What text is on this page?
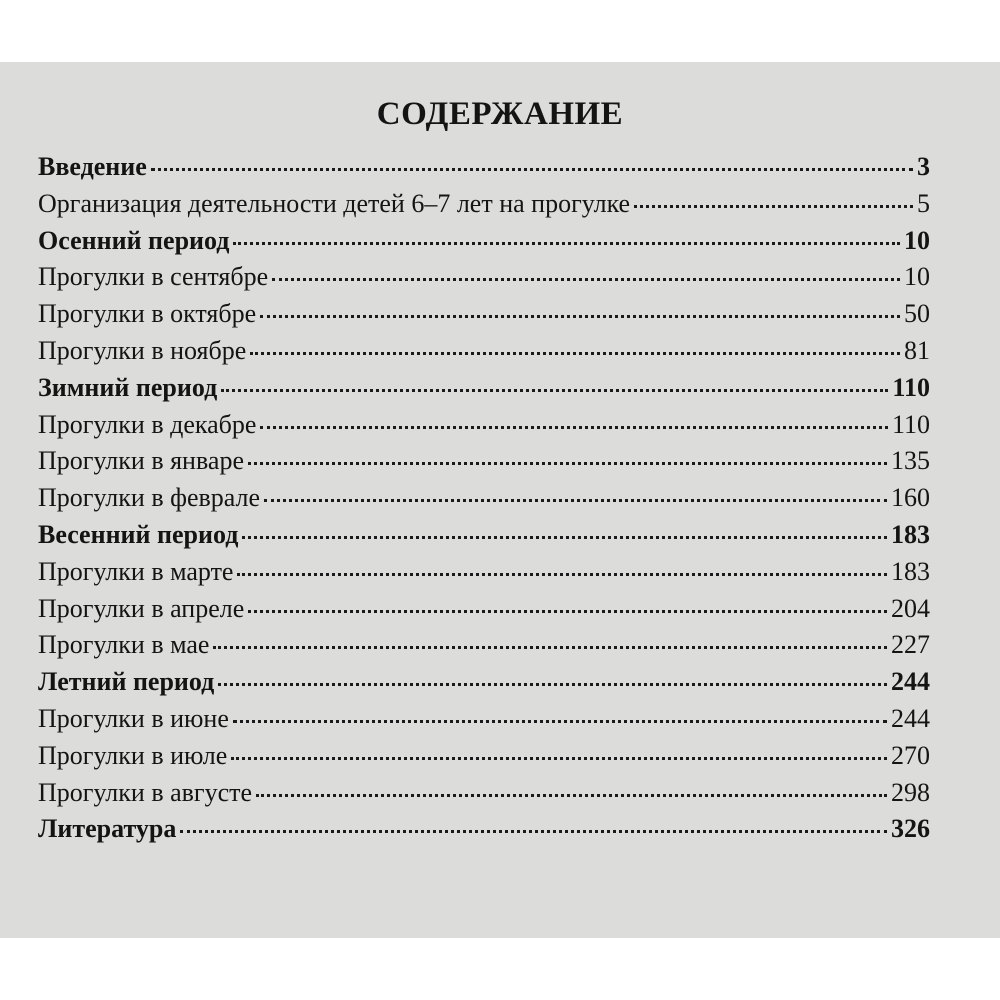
СОДЕРЖАНИЕ
Введение	3
Организация деятельности детей 6–7 лет на прогулке	5
Осенний период	10
Прогулки в сентябре	10
Прогулки в октябре	50
Прогулки в ноябре	81
Зимний период	110
Прогулки в декабре	110
Прогулки в январе	135
Прогулки в феврале	160
Весенний период	183
Прогулки в марте	183
Прогулки в апреле	204
Прогулки в мае	227
Летний период	244
Прогулки в июне	244
Прогулки в июле	270
Прогулки в августе	298
Литература	326
